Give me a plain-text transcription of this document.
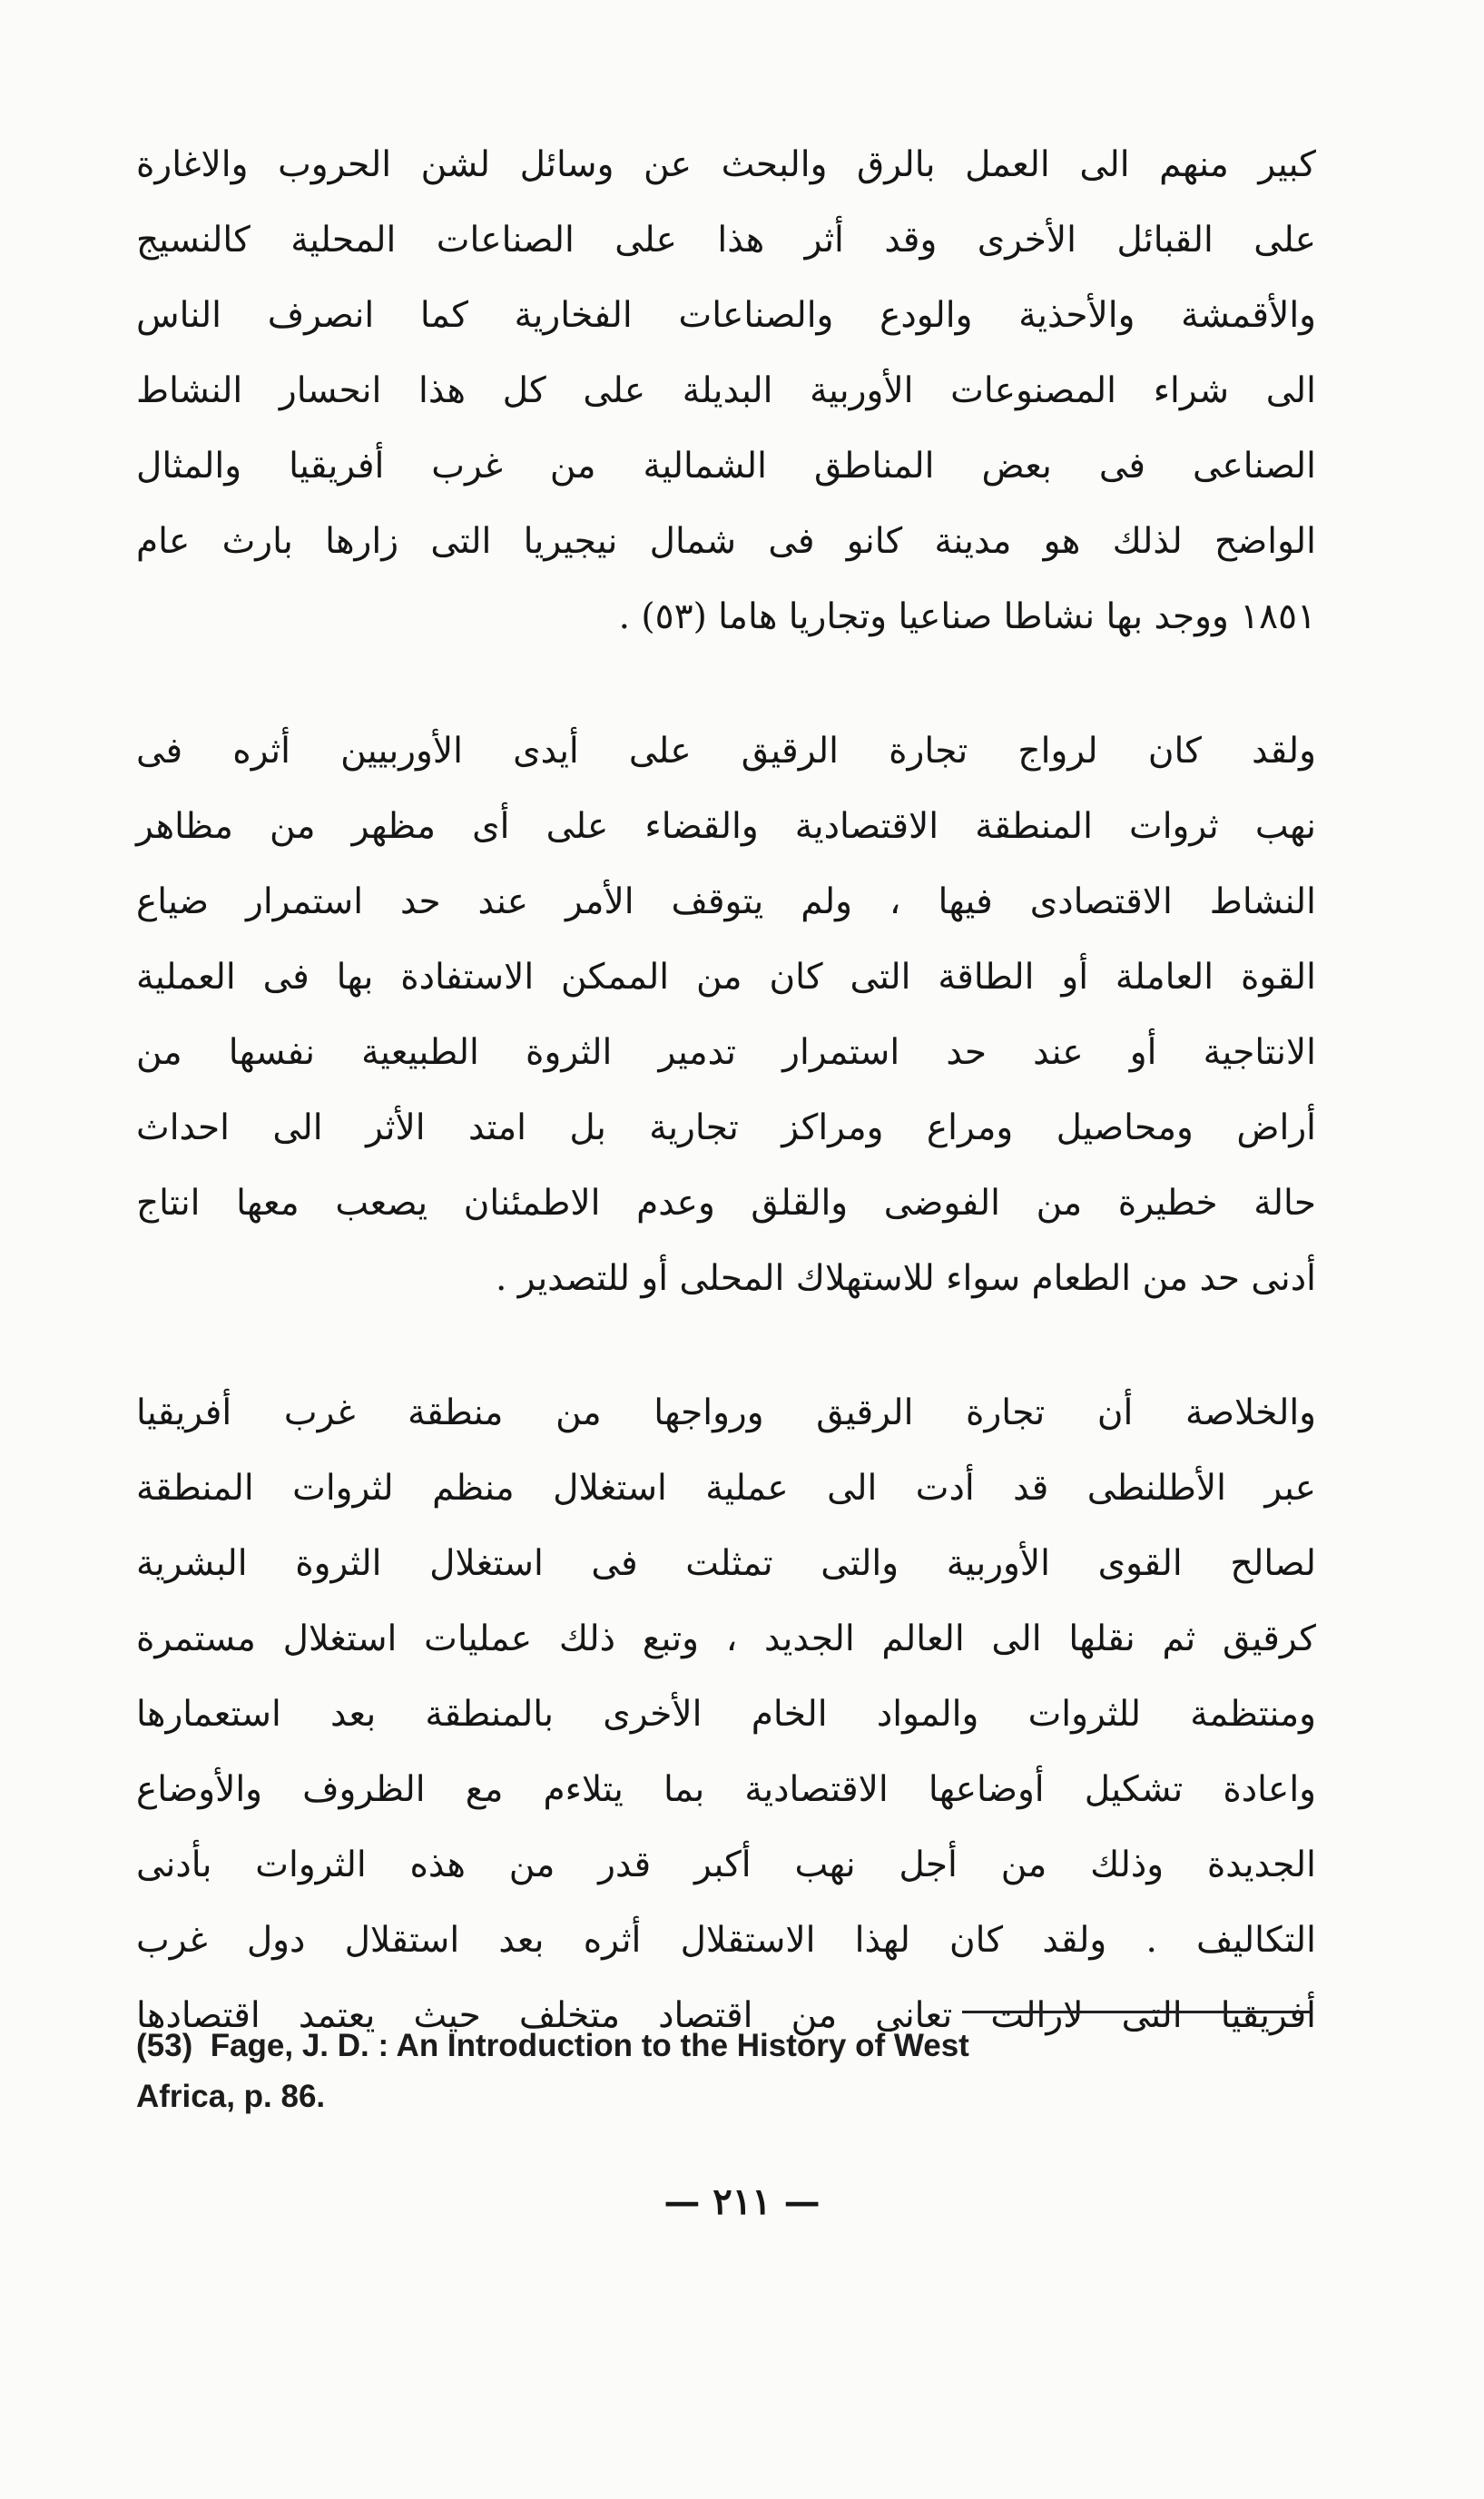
كبير منهم الى العمل بالرق والبحث عن وسائل لشن الحروب والاغارة

على القبائل الأخرى وقد أثر هذا على الصناعات المحلية كالنسيج

والأقمشة والأحذية والودع والصناعات الفخارية كما انصرف الناس

الى شراء المصنوعات الأوربية البديلة على كل هذا انحسار النشاط

الصناعى فى بعض المناطق الشمالية من غرب أفريقيا والمثال

الواضح لذلك هو مدينة كانو فى شمال نيجيريا التى زارها بارث عام

١٨٥١ ووجد بها نشاطا صناعيا وتجاريا هاما (٥٣) .

ولقد كان لرواج تجارة الرقيق على أيدى الأوربيين أثره فى

نهب ثروات المنطقة الاقتصادية والقضاء على أى مظهر من مظاهر

النشاط الاقتصادى فيها ، ولم يتوقف الأمر عند حد استمرار ضياع

القوة العاملة أو الطاقة التى كان من الممكن الاستفادة بها فى العملية

الانتاجية أو عند حد استمرار تدمير الثروة الطبيعية نفسها من

أراض ومحاصيل ومراع ومراكز تجارية بل امتد الأثر الى احداث

حالة خطيرة من الفوضى والقلق وعدم الاطمئنان يصعب معها انتاج

أدنى حد من الطعام سواء للاستهلاك المحلى أو للتصدير .

والخلاصة أن تجارة الرقيق ورواجها من منطقة غرب أفريقيا

عبر الأطلنطى قد أدت الى عملية استغلال منظم لثروات المنطقة

لصالح القوى الأوربية والتى تمثلت فى استغلال الثروة البشرية

كرقيق ثم نقلها الى العالم الجديد ، وتبع ذلك عمليات استغلال مستمرة

ومنتظمة للثروات والمواد الخام الأخرى بالمنطقة بعد استعمارها

واعادة تشكيل أوضاعها الاقتصادية بما يتلاءم مع الظروف والأوضاع

الجديدة وذلك من أجل نهب أكبر قدر من هذه الثروات بأدنى

التكاليف . ولقد كان لهذا الاستقلال أثره بعد استقلال دول غرب

أفريقيا التى لازالت تعانى من اقتصاد متخلف حيث يعتمد اقتصادها

(53)  Fage, J. D. : An Introduction to the History of West

Africa, p. 86.

— ٢١١ —
